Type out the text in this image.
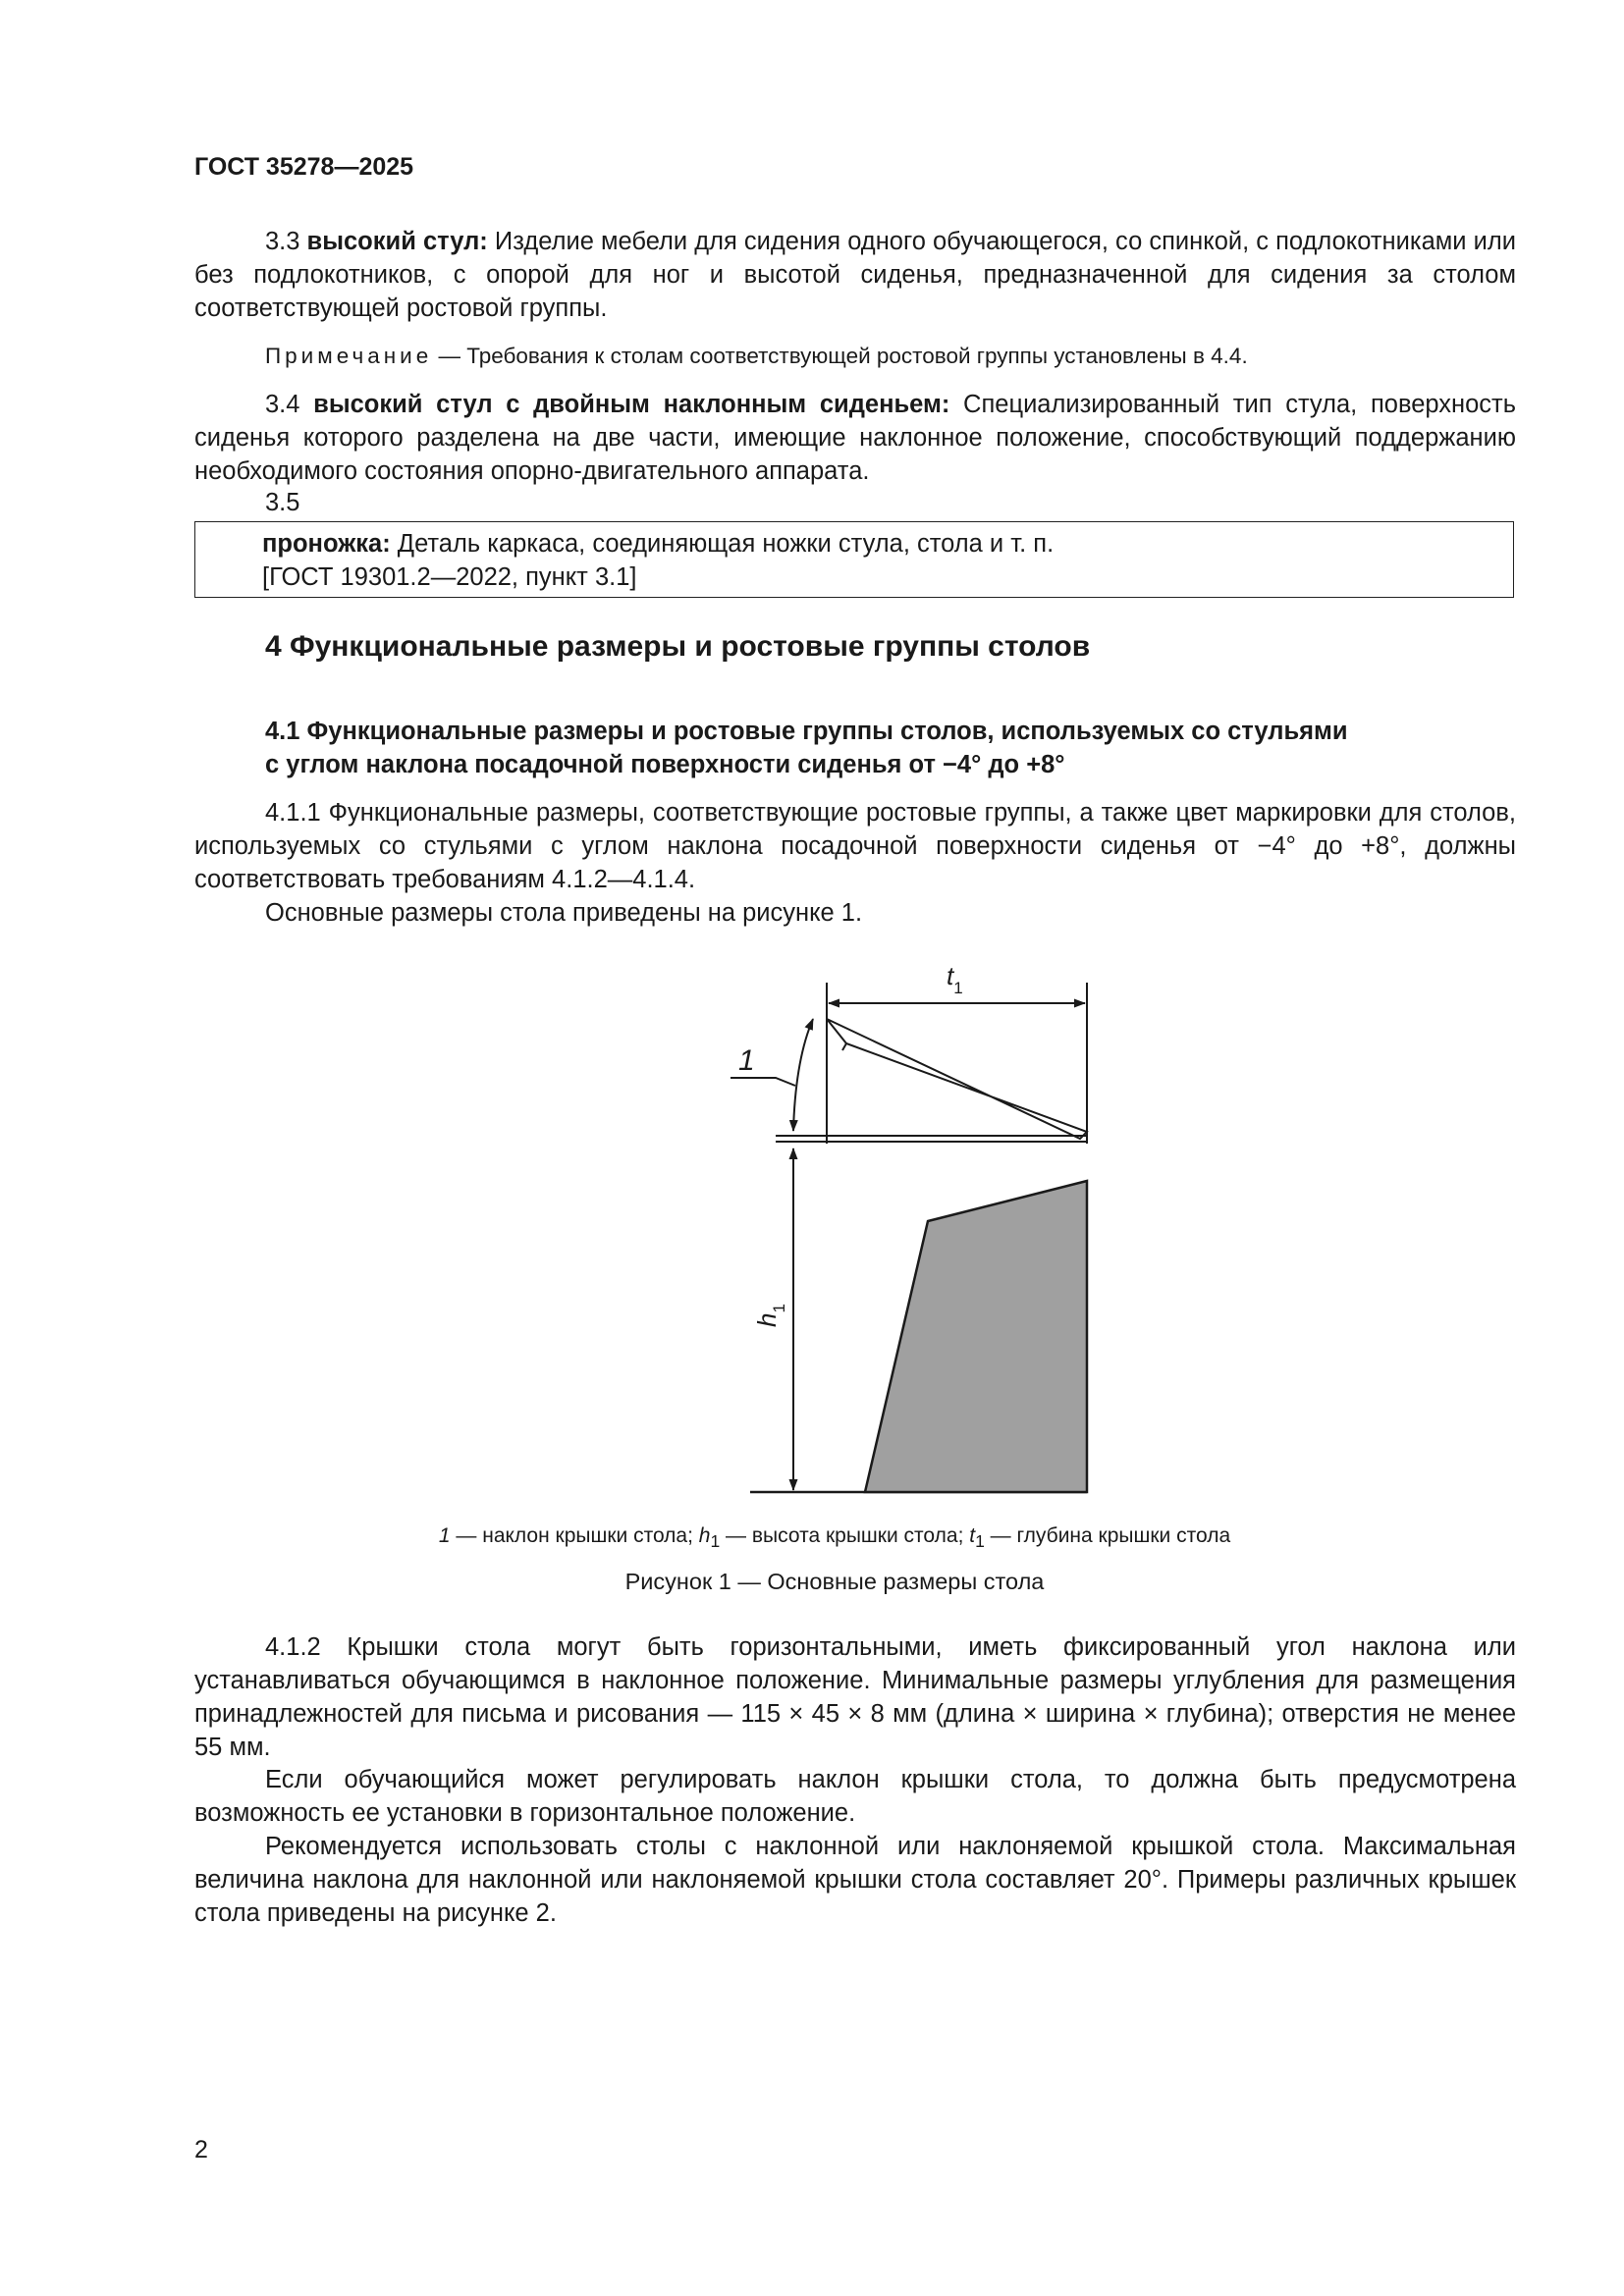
ГОСТ 35278—2025
3.3 высокий стул: Изделие мебели для сидения одного обучающегося, со спинкой, с подлокотниками или без подлокотников, с опорой для ног и высотой сиденья, предназначенной для сидения за столом соответствующей ростовой группы.
Примечание — Требования к столам соответствующей ростовой группы установлены в 4.4.
3.4 высокий стул с двойным наклонным сиденьем: Специализированный тип стула, поверхность сиденья которого разделена на две части, имеющие наклонное положение, способствующий поддержанию необходимого состояния опорно-двигательного аппарата.
3.5
проножка: Деталь каркаса, соединяющая ножки стула, стола и т. п.
[ГОСТ 19301.2—2022, пункт 3.1]
4 Функциональные размеры и ростовые группы столов
4.1 Функциональные размеры и ростовые группы столов, используемых со стульями
с углом наклона посадочной поверхности сиденья от −4° до +8°
4.1.1 Функциональные размеры, соответствующие ростовые группы, а также цвет маркировки для столов, используемых со стульями с углом наклона посадочной поверхности сиденья от −4° до +8°, должны соответствовать требованиям 4.1.2—4.1.4.
Основные размеры стола приведены на рисунке 1.
$t_1$
1
$h_1$
1 — наклон крышки стола; $h_1$ — высота крышки стола; $t_1$ — глубина крышки стола
Рисунок 1 — Основные размеры стола
4.1.2 Крышки стола могут быть горизонтальными, иметь фиксированный угол наклона или устанавливаться обучающимся в наклонное положение. Минимальные размеры углубления для размещения принадлежностей для письма и рисования — 115 × 45 × 8 мм (длина × ширина × глубина); отверстия не менее 55 мм.
Если обучающийся может регулировать наклон крышки стола, то должна быть предусмотрена возможность ее установки в горизонтальное положение.
Рекомендуется использовать столы с наклонной или наклоняемой крышкой стола. Максимальная величина наклона для наклонной или наклоняемой крышки стола составляет 20°. Примеры различных крышек стола приведены на рисунке 2.
2
